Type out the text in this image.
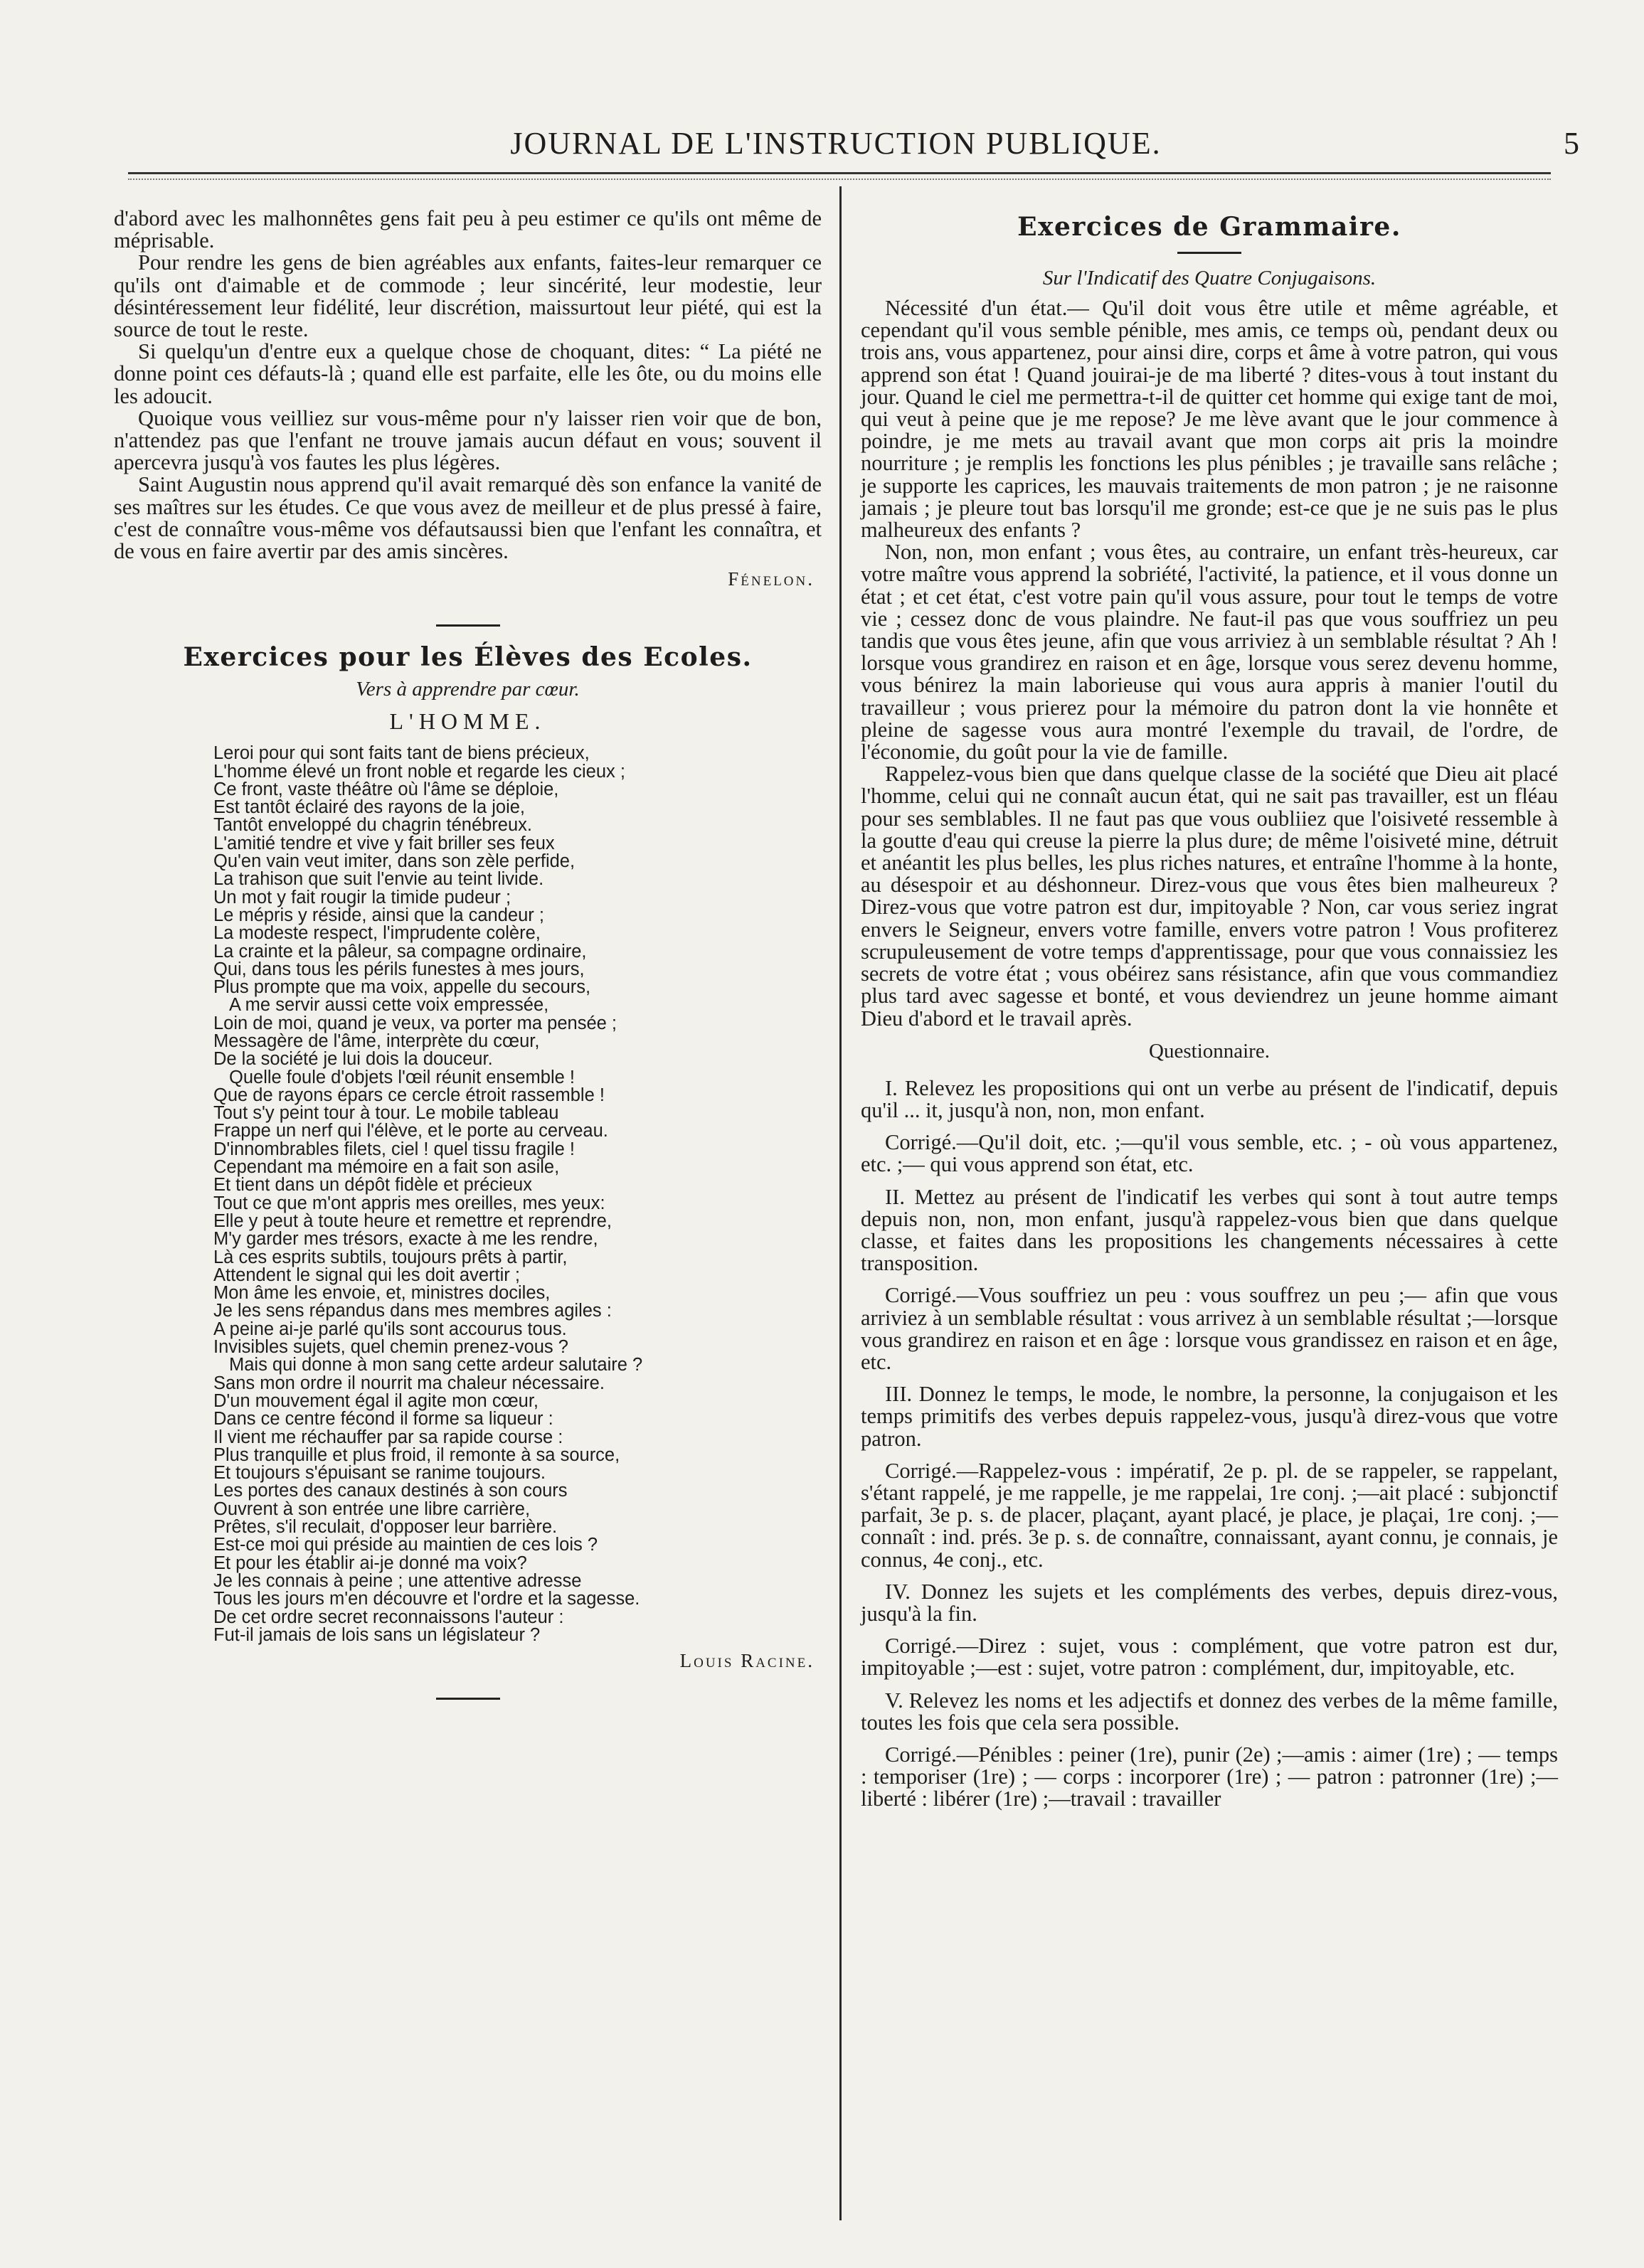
JOURNAL DE L'INSTRUCTION PUBLIQUE.	5

d'abord avec les malhonnêtes gens fait peu à peu estimer ce qu'ils ont même de méprisable.

Pour rendre les gens de bien agréables aux enfants, faites-leur remarquer ce qu'ils ont d'aimable et de commode ; leur sincérité, leur modestie, leur désintéressement leur fidélité, leur discrétion, maissurtout leur piété, qui est la source de tout le reste.

Si quelqu'un d'entre eux a quelque chose de choquant, dites: “ La piété ne donne point ces défauts-là ; quand elle est parfaite, elle les ôte, ou du moins elle les adoucit.

Quoique vous veilliez sur vous-même pour n'y laisser rien voir que de bon, n'attendez pas que l'enfant ne trouve jamais aucun défaut en vous; souvent il apercevra jusqu'à vos fautes les plus légères.

Saint Augustin nous apprend qu'il avait remarqué dès son enfance la vanité de ses maîtres sur les études. Ce que vous avez de meilleur et de plus pressé à faire, c'est de connaître vous-même vos défautsaussi bien que l'enfant les connaîtra, et de vous en faire avertir par des amis sincères.

Fénelon.
Exercices pour les Élèves des Ecoles.
Vers à apprendre par cœur.
L'HOMME.
Leroi pour qui sont faits tant de biens précieux,
L'homme élevé un front noble et regarde les cieux ;
Ce front, vaste théâtre où l'âme se déploie,
Est tantôt éclairé des rayons de la joie,
Tantôt enveloppé du chagrin ténébreux.
L'amitié tendre et vive y fait briller ses feux
Qu'en vain veut imiter, dans son zèle perfide,
La trahison que suit l'envie au teint livide.
Un mot y fait rougir la timide pudeur ;
Le mépris y réside, ainsi que la candeur ;
La modeste respect, l'imprudente colère,
La crainte et la pâleur, sa compagne ordinaire,
Qui, dans tous les périls funestes à mes jours,
Plus prompte que ma voix, appelle du secours,
A me servir aussi cette voix empressée,
Loin de moi, quand je veux, va porter ma pensée ;
Messagère de l'âme, interprète du cœur,
De la société je lui dois la douceur.
Quelle foule d'objets l'œil réunit ensemble !
Que de rayons épars ce cercle étroit rassemble !
Tout s'y peint tour à tour. Le mobile tableau
Frappe un nerf qui l'élève, et le porte au cerveau.
D'innombrables filets, ciel ! quel tissu fragile !
Cependant ma mémoire en a fait son asile,
Et tient dans un dépôt fidèle et précieux
Tout ce que m'ont appris mes oreilles, mes yeux:
Elle y peut à toute heure et remettre et reprendre,
M'y garder mes trésors, exacte à me les rendre,
Là ces esprits subtils, toujours prêts à partir,
Attendent le signal qui les doit avertir ;
Mon âme les envoie, et, ministres dociles,
Je les sens répandus dans mes membres agiles :
A peine ai-je parlé qu'ils sont accourus tous.
Invisibles sujets, quel chemin prenez-vous ?
Mais qui donne à mon sang cette ardeur salutaire ?
Sans mon ordre il nourrit ma chaleur nécessaire.
D'un mouvement égal il agite mon cœur,
Dans ce centre fécond il forme sa liqueur :
Il vient me réchauffer par sa rapide course :
Plus tranquille et plus froid, il remonte à sa source,
Et toujours s'épuisant se ranime toujours.
Les portes des canaux destinés à son cours
Ouvrent à son entrée une libre carrière,
Prêtes, s'il reculait, d'opposer leur barrière.
Est-ce moi qui préside au maintien de ces lois ?
Et pour les établir ai-je donné ma voix?
Je les connais à peine ; une attentive adresse
Tous les jours m'en découvre et l'ordre et la sagesse.
De cet ordre secret reconnaissons l'auteur :
Fut-il jamais de lois sans un législateur ?
Louis Racine.
Exercices de Grammaire.
Sur l'Indicatif des Quatre Conjugaisons.

Nécessité d'un état.— Qu'il doit vous être utile et même agréable, et cependant qu'il vous semble pénible, mes amis, ce temps où, pendant deux ou trois ans, vous appartenez, pour ainsi dire, corps et âme à votre patron, qui vous apprend son état ! Quand jouirai-je de ma liberté ? dites-vous à tout instant du jour. Quand le ciel me permettra-t-il de quitter cet homme qui exige tant de moi, qui veut à peine que je me repose? Je me lève avant que le jour commence à poindre, je me mets au travail avant que mon corps ait pris la moindre nourriture ; je remplis les fonctions les plus pénibles ; je travaille sans relâche ; je supporte les caprices, les mauvais traitements de mon patron ; je ne raisonne jamais ; je pleure tout bas lorsqu'il me gronde; est-ce que je ne suis pas le plus malheureux des enfants ?

Non, non, mon enfant ; vous êtes, au contraire, un enfant très-heureux, car votre maître vous apprend la sobriété, l'activité, la patience, et il vous donne un état ; et cet état, c'est votre pain qu'il vous assure, pour tout le temps de votre vie ; cessez donc de vous plaindre. Ne faut-il pas que vous souffriez un peu tandis que vous êtes jeune, afin que vous arriviez à un semblable résultat ? Ah ! lorsque vous grandirez en raison et en âge, lorsque vous serez devenu homme, vous bénirez la main laborieuse qui vous aura appris à manier l'outil du travailleur ; vous prierez pour la mémoire du patron dont la vie honnête et pleine de sagesse vous aura montré l'exemple du travail, de l'ordre, de l'économie, du goût pour la vie de famille.

Rappelez-vous bien que dans quelque classe de la société que Dieu ait placé l'homme, celui qui ne connaît aucun état, qui ne sait pas travailler, est un fléau pour ses semblables. Il ne faut pas que vous oubliiez que l'oisiveté ressemble à la goutte d'eau qui creuse la pierre la plus dure; de même l'oisiveté mine, détruit et anéantit les plus belles, les plus riches natures, et entraîne l'homme à la honte, au désespoir et au déshonneur. Direz-vous que vous êtes bien malheureux ? Direz-vous que votre patron est dur, impitoyable ? Non, car vous seriez ingrat envers le Seigneur, envers votre famille, envers votre patron ! Vous profiterez scrupuleusement de votre temps d'apprentissage, pour que vous connaissiez les secrets de votre état ; vous obéirez sans résistance, afin que vous commandiez plus tard avec sagesse et bonté, et vous deviendrez un jeune homme aimant Dieu d'abord et le travail après.

Questionnaire.

I. Relevez les propositions qui ont un verbe au présent de l'indicatif, depuis qu'il ... it, jusqu'à non, non, mon enfant.

Corrigé.—Qu'il doit, etc. ;—qu'il vous semble, etc. ; - où vous appartenez, etc. ;— qui vous apprend son état, etc.

II. Mettez au présent de l'indicatif les verbes qui sont à tout autre temps depuis non, non, mon enfant, jusqu'à rappelez-vous bien que dans quelque classe, et faites dans les propositions les changements nécessaires à cette transposition.

Corrigé.—Vous souffriez un peu : vous souffrez un peu ;— afin que vous arriviez à un semblable résultat : vous arrivez à un semblable résultat ;—lorsque vous grandirez en raison et en âge : lorsque vous grandissez en raison et en âge, etc.

III. Donnez le temps, le mode, le nombre, la personne, la conjugaison et les temps primitifs des verbes depuis rappelez-vous, jusqu'à direz-vous que votre patron.

Corrigé.—Rappelez-vous : impératif, 2e p. pl. de se rappeler, se rappelant, s'étant rappelé, je me rappelle, je me rappelai, 1re conj. ;—ait placé : subjonctif parfait, 3e p. s. de placer, plaçant, ayant placé, je place, je plaçai, 1re conj. ;—connaît : ind. prés. 3e p. s. de connaître, connaissant, ayant connu, je connais, je connus, 4e conj., etc.

IV. Donnez les sujets et les compléments des verbes, depuis direz-vous, jusqu'à la fin.

Corrigé.—Direz : sujet, vous : complément, que votre patron est dur, impitoyable ;—est : sujet, votre patron : complément, dur, impitoyable, etc.

V. Relevez les noms et les adjectifs et donnez des verbes de la même famille, toutes les fois que cela sera possible.

Corrigé.—Pénibles : peiner (1re), punir (2e) ;—amis : aimer (1re) ; — temps : temporiser (1re) ; — corps : incorporer (1re) ; — patron : patronner (1re) ;—liberté : libérer (1re) ;—travail : travailler
